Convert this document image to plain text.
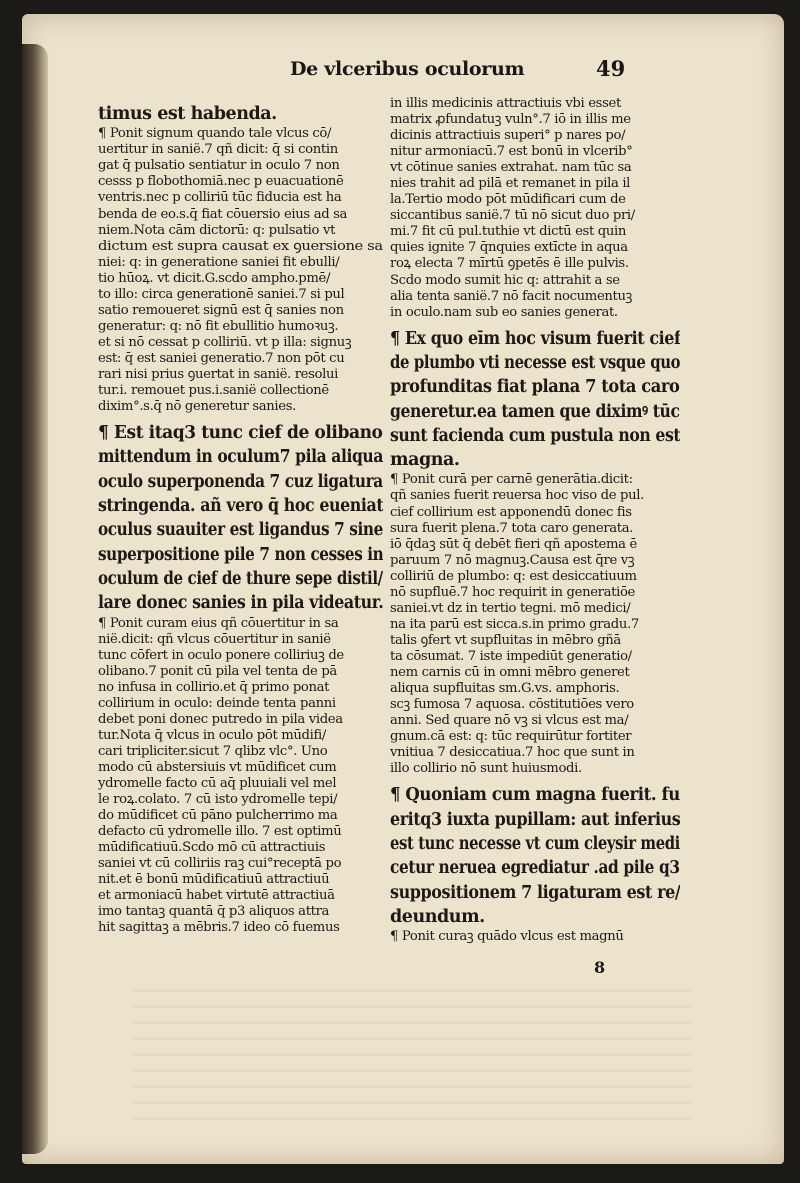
De vlceribus oculorum	49
timus est habenda.
¶ Ponit signum quando tale vlcus cō/
uertitur in sanië.7 qñ dicit: q̄ si contin
gat q̄ pulsatio sentiatur in oculo 7 non
cesss p flobothomiā.nec p euacuationē
ventris.nec p colliriū tūc fiducia est ha
benda de eo.s.q̄ fiat cōuersio eius ad sa
niem.Nota cām dictorū: q: pulsatio vt
dictum est supra causat ex ꝯuersione sa
niei: q: in generatione saniei fit ebulli/
tio hūoꝝ. vt dicit.G.scdo ampho.pmē/
to illo: circa generationē saniei.7 si pul
satio remoueret signū est q̄ sanies non
generatur: q: nō fit ebullitio humoꝛuꝫ.
et si nō cessat p colliriū. vt p illa: signuꝫ
est: q̄ est saniei generatio.7 non pōt cu
rari nisi prius ꝯuertat in sanië. resolui
tur.i. remouet pus.i.sanië collectionē
dixim°.s.q̄ nō generetur sanies.
¶ Est itaq3 tunc cief de olibano
mittendum in oculum7 pila aliqua
oculo superponenda 7 cuz ligatura
stringenda. añ vero q̄ hoc eueniat
oculus suauiter est ligandus 7 sine
superpositione pile 7 non cesses in
oculum de cief de thure sepe distil/
lare donec sanies in pila videatur.
¶ Ponit curam eius qñ cōuertitur in sa
nië.dicit: qñ vlcus cōuertitur in sanië
tunc cōfert in oculo ponere colliriuꝫ de
olibano.7 ponit cū pila vel tenta de pā
no infusa in collirio.et q̄ primo ponat
collirium in oculo: deinde tenta panni
debet poni donec putredo in pila videa
tur.Nota q̄ vlcus in oculo pōt mūdifi/
cari tripliciter.sicut 7 qlibz vlc°. Uno
modo cū abstersiuis vt mūdificet cum
ydromelle facto cū aq̄ pluuiali vel mel
le roꝝ.colato. 7 cū isto ydromelle tepi/
do mūdificet cū pāno pulcherrimo ma
defacto cū ydromelle illo. 7 est optimū
mūdificatiuū.Scdo mō cū attractiuis
saniei vt cū colliriis raꝫ cui°receptā po
nit.et ē bonū mūdificatiuū attractiuū
et armoniacū habet virtutē attractiuā
imo tantaꝫ quantā q̄ p3 aliquos attra
hit sagittaꝫ a mēbris.7 ideo cō fuemus
in illis medicinis attractiuis vbi esset
matrix ꝓfundatuꝫ vuln°.7 iō in illis me
dicinis attractiuis superi° p nares po/
nitur armoniacū.7 est bonū in vlcerib°
vt cōtinue sanies extrahat. nam tūc sa
nies trahit ad pilā et remanet in pila il
la.Tertio modo pōt mūdificari cum de
siccantibus sanië.7 tū nō sicut duo pri/
mi.7 fit cū pul.tuthie vt dictū est quin
quies ignite 7 q̄nquies extīcte in aqua
roꝝ electa 7 mīrtū ꝯpetēs ē ille pulvis.
Scdo modo sumit hic q: attrahit a se
alia tenta sanië.7 nō facit nocumentuꝫ
in oculo.nam sub eo sanies generat.
¶ Ex quo eīm hoc visum fuerit cief
de plumbo vti necesse est vsque quo
profunditas fiat plana 7 tota caro
generetur.ea tamen que diximꝰ tūc
sunt facienda cum pustula non est
magna.
¶ Ponit curā per carnē generātia.dicit:
qñ sanies fuerit reuersa hoc viso de pul.
cief collirium est apponendū donec fis
sura fuerit plena.7 tota caro generata.
iō q̄daꝫ sūt q̄ debēt fieri qñ apostema ē
paruum 7 nō magnuꝫ.Causa est q̄re vꝫ
colliriū de plumbo: q: est desiccatiuum
nō supfluē.7 hoc requirit in generatiōe
saniei.vt dz in tertio tegni. mō medici/
na ita parū est sicca.s.in primo gradu.7
talis ꝯfert vt supfluitas in mēbro gñā
ta cōsumat. 7 iste impediūt generatio/
nem carnis cū in omni mēbro generet
aliqua supfluitas sm.G.vs. amphoris.
scꝫ fumosa 7 aquosa. cōstitutiōes vero
anni. Sed quare nō vꝫ si vlcus est ma/
gnum.cā est: q: tūc requirūtur fortiter
vnitiua 7 desiccatiua.7 hoc que sunt in
illo collirio nō sunt huiusmodi.
¶ Quoniam cum magna fuerit. fu
eritq3 iuxta pupillam: aut inferius
est tunc necesse vt cum cleysir medi
cetur neruea egrediatur .ad pile q3
suppositionem 7 ligaturam est re/
deundum.
¶ Ponit curaꝫ quādo vlcus est magnū
8
